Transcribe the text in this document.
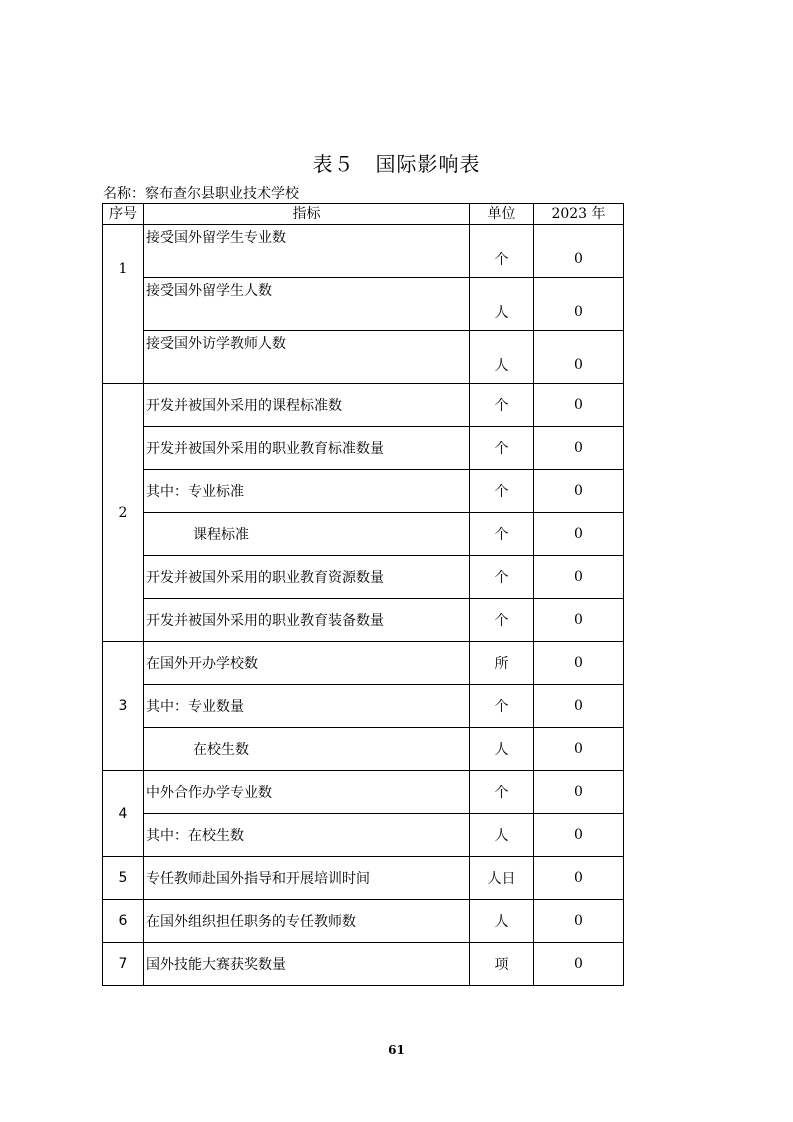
表５　国际影响表
名称：察布查尔县职业技术学校
序号	指标	单位	2023 年
1	接受国外留学生专业数	个	0
	接受国外留学生人数	人	0
	接受国外访学教师人数	人	0
2	开发并被国外采用的课程标准数	个	0
	开发并被国外采用的职业教育标准数量	个	0
	其中：专业标准	个	0
	课程标准	个	0
	开发并被国外采用的职业教育资源数量	个	0
	开发并被国外采用的职业教育装备数量	个	0
3	在国外开办学校数	所	0
	其中：专业数量	个	0
	在校生数	人	0
4	中外合作办学专业数	个	0
	其中：在校生数	人	0
5	专任教师赴国外指导和开展培训时间	人日	0
6	在国外组织担任职务的专任教师数	人	0
7	国外技能大赛获奖数量	项	0
61
